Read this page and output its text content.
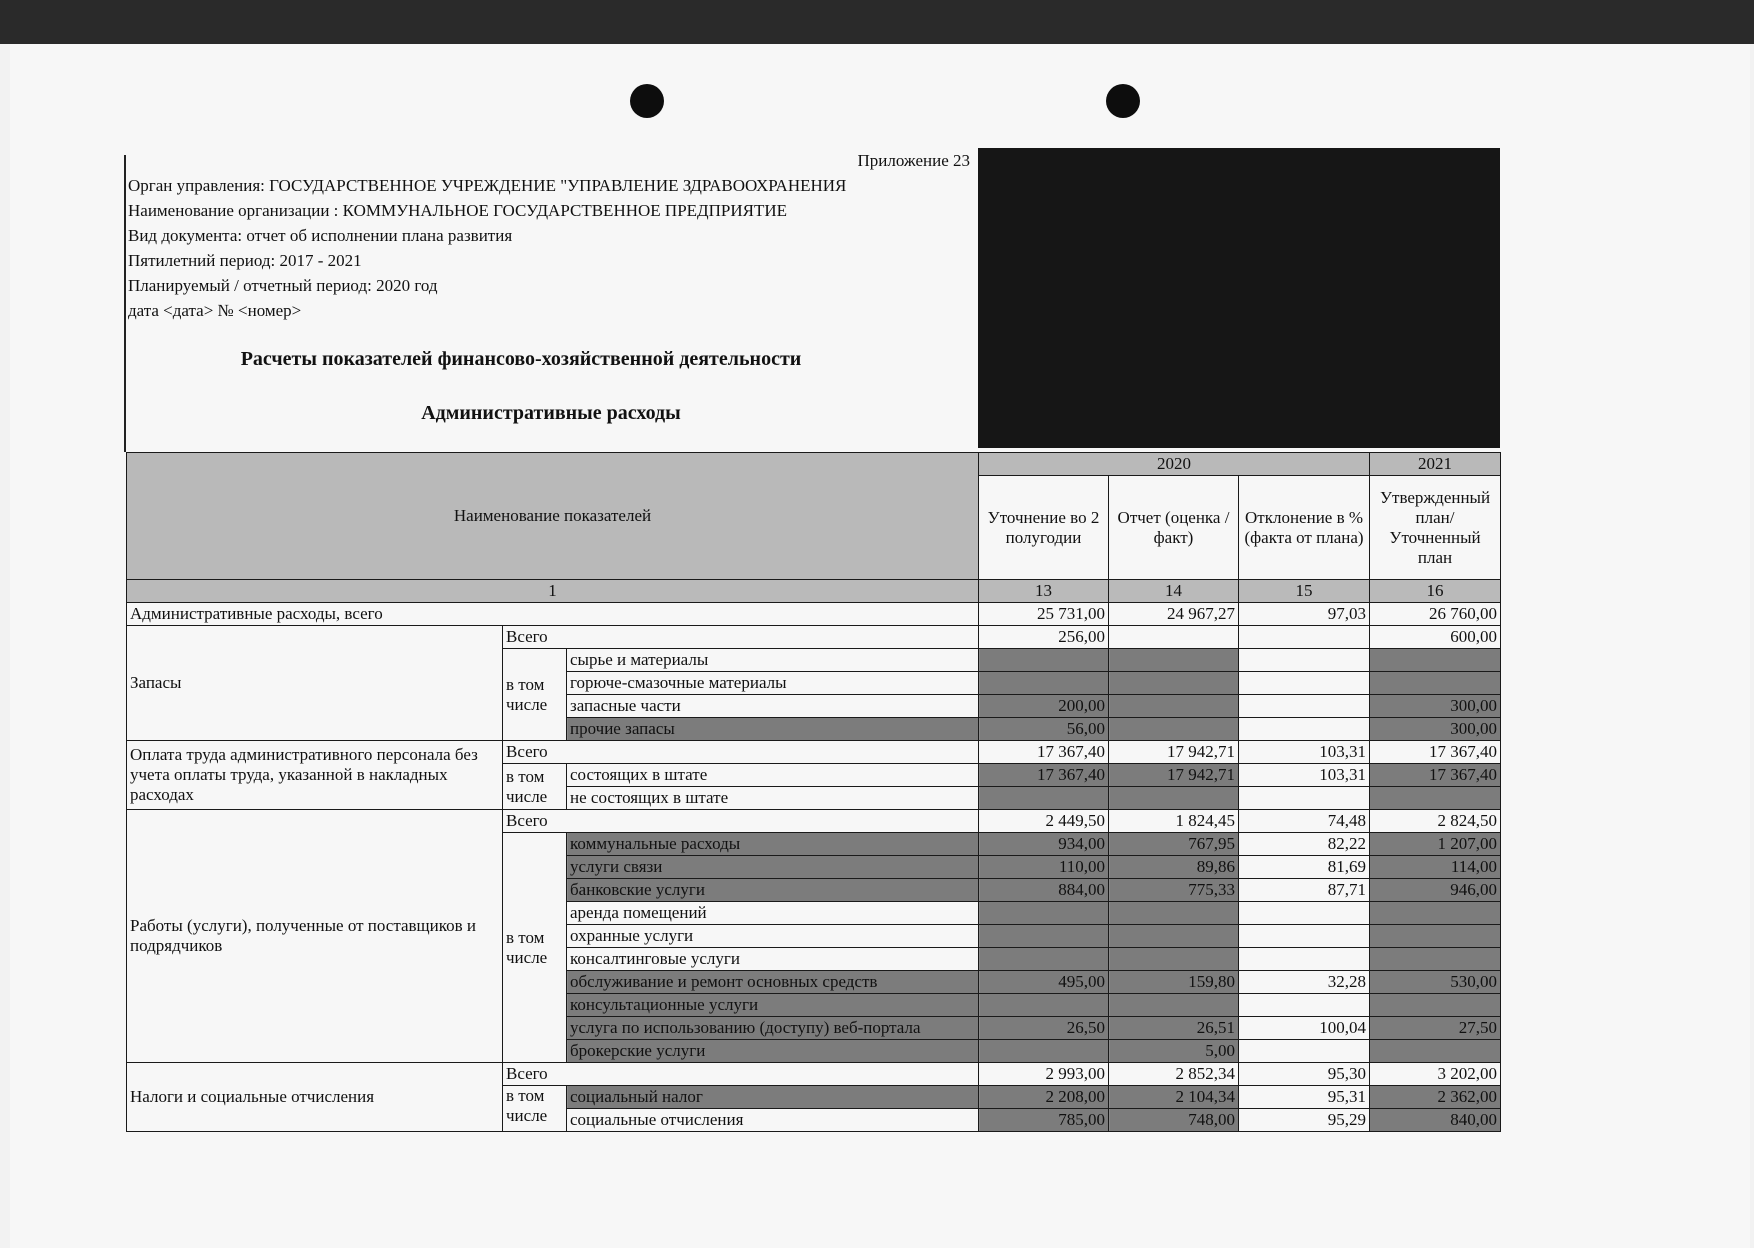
Приложение 23
Орган управления: ГОСУДАРСТВЕННОЕ УЧРЕЖДЕНИЕ "УПРАВЛЕНИЕ ЗДРАВООХРАНЕНИЯ
Наименование организации : КОММУНАЛЬНОЕ ГОСУДАРСТВЕННОЕ ПРЕДПРИЯТИЕ
Вид документа: отчет об исполнении плана развития
Пятилетний период: 2017 - 2021
Планируемый / отчетный период: 2020 год
дата <дата> № <номер>
Расчеты показателей финансово-хозяйственной деятельности
Административные расходы
Наименование показателей			2020			2021
			Уточнение во 2 полугодии	Отчет (оценка / факт)	Отклонение в % (факта от плана)	Утвержденный план/Уточненный план
1			13	14	15	16
Административные расходы, всего			25 731,00	24 967,27	97,03	26 760,00
Запасы	Всего		256,00			600,00
	в том
числе	сырье и материалы				
		горюче-смазочные материалы				
		запасные части	200,00			300,00
		прочие запасы	56,00			300,00
Оплата труда административного персонала без учета оплаты труда, указанной в накладных расходах	Всего		17 367,40	17 942,71	103,31	17 367,40
	в том
числе	состоящих в штате	17 367,40	17 942,71	103,31	17 367,40
		не состоящих в штате				
Работы (услуги), полученные от поставщиков и подрядчиков	Всего		2 449,50	1 824,45	74,48	2 824,50
	в том
числе	коммунальные расходы	934,00	767,95	82,22	1 207,00
		услуги связи	110,00	89,86	81,69	114,00
		банковские услуги	884,00	775,33	87,71	946,00
		аренда помещений				
		охранные услуги				
		консалтинговые услуги				
		обслуживание и ремонт основных средств	495,00	159,80	32,28	530,00
		консультационные услуги				
		услуга по использованию (доступу) веб-портала	26,50	26,51	100,04	27,50
		брокерские услуги		5,00		
Налоги и социальные отчисления	Всего		2 993,00	2 852,34	95,30	3 202,00
	в том
числе	социальный налог	2 208,00	2 104,34	95,31	2 362,00
		социальные отчисления	785,00	748,00	95,29	840,00
